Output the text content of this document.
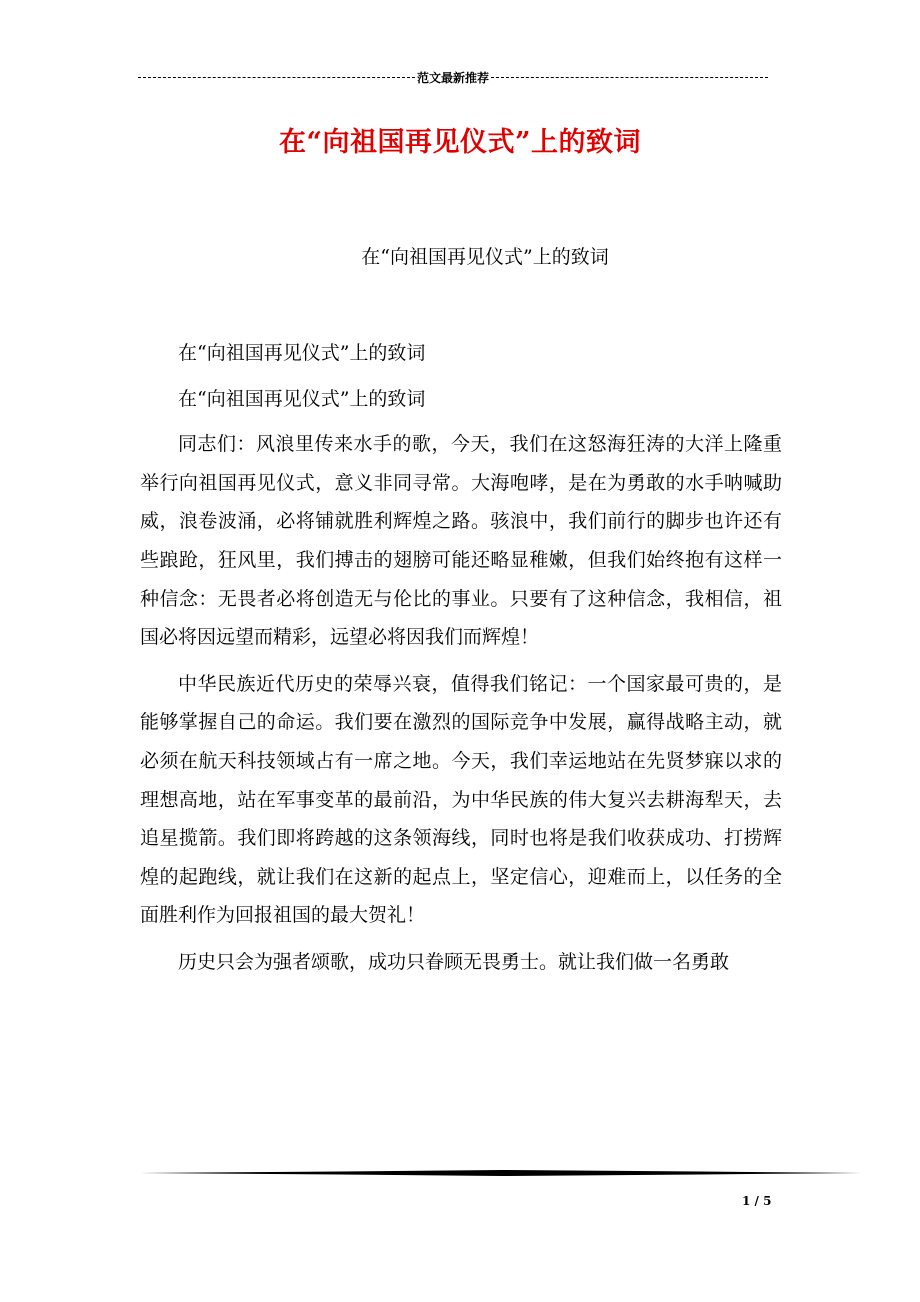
范文最新推荐
在“向祖国再见仪式”上的致词
在“向祖国再见仪式”上的致词

在“向祖国再见仪式”上的致词

在“向祖国再见仪式”上的致词

同志们：风浪里传来水手的歌，今天，我们在这怒海狂涛的大洋上隆重举行向祖国再见仪式，意义非同寻常。大海咆哮，是在为勇敢的水手呐喊助威，浪卷波涌，必将铺就胜利辉煌之路。骇浪中，我们前行的脚步也许还有些踉跄，狂风里，我们搏击的翅膀可能还略显稚嫩，但我们始终抱有这样一种信念：无畏者必将创造无与伦比的事业。只要有了这种信念，我相信，祖国必将因远望而精彩，远望必将因我们而辉煌！

中华民族近代历史的荣辱兴衰，值得我们铭记：一个国家最可贵的，是能够掌握自己的命运。我们要在激烈的国际竞争中发展，赢得战略主动，就必须在航天科技领域占有一席之地。今天，我们幸运地站在先贤梦寐以求的理想高地，站在军事变革的最前沿，为中华民族的伟大复兴去耕海犁天，去追星揽箭。我们即将跨越的这条领海线，同时也将是我们收获成功、打捞辉煌的起跑线，就让我们在这新的起点上，坚定信心，迎难而上，以任务的全面胜利作为回报祖国的最大贺礼！

历史只会为强者颂歌，成功只眷顾无畏勇士。就让我们做一名勇敢

1 / 5
